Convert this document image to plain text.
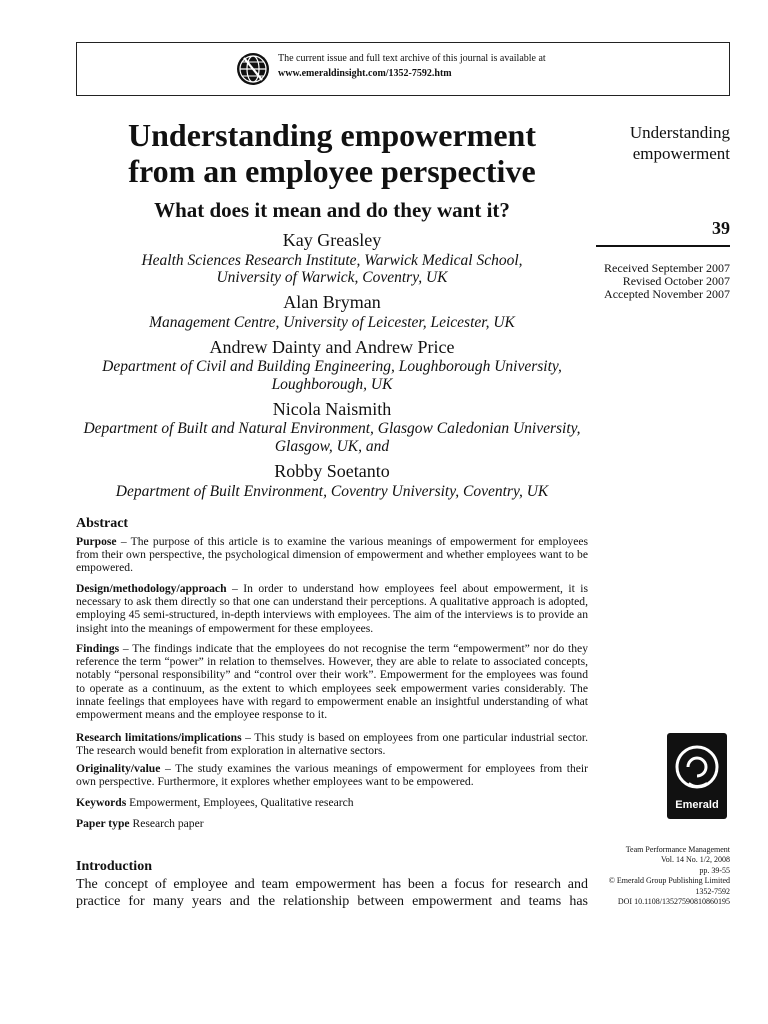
The current issue and full text archive of this journal is available at
www.emeraldinsight.com/1352-7592.htm
Understanding empowerment
from an employee perspective
What does it mean and do they want it?
Kay Greasley
Health Sciences Research Institute, Warwick Medical School,
University of Warwick, Coventry, UK
Alan Bryman
Management Centre, University of Leicester, Leicester, UK
Andrew Dainty and Andrew Price
Department of Civil and Building Engineering, Loughborough University,
Loughborough, UK
Nicola Naismith
Department of Built and Natural Environment, Glasgow Caledonian University,
Glasgow, UK, and
Robby Soetanto
Department of Built Environment, Coventry University, Coventry, UK
Understanding
empowerment
39
Received September 2007
Revised October 2007
Accepted November 2007
Abstract
Purpose – The purpose of this article is to examine the various meanings of empowerment for employees from their own perspective, the psychological dimension of empowerment and whether employees want to be empowered.
Design/methodology/approach – In order to understand how employees feel about empowerment, it is necessary to ask them directly so that one can understand their perceptions. A qualitative approach is adopted, employing 45 semi-structured, in-depth interviews with employees. The aim of the interviews is to provide an insight into the meanings of empowerment for these employees.
Findings – The findings indicate that the employees do not recognise the term “empowerment” nor do they reference the term “power” in relation to themselves. However, they are able to relate to associated concepts, notably “personal responsibility” and “control over their work”. Empowerment for the employees was found to operate as a continuum, as the extent to which employees seek empowerment varies considerably. The innate feelings that employees have with regard to empowerment enable an insightful understanding of what empowerment means and the employee response to it.
Research limitations/implications – This study is based on employees from one particular industrial sector. The research would benefit from exploration in alternative sectors.
Originality/value – The study examines the various meanings of empowerment for employees from their own perspective. Furthermore, it explores whether employees want to be empowered.
Keywords Empowerment, Employees, Qualitative research
Paper type Research paper
Emerald
Team Performance Management
Vol. 14 No. 1/2, 2008
pp. 39-55
© Emerald Group Publishing Limited
1352-7592
DOI 10.1108/13527590810860195
Introduction
The concept of employee and team empowerment has been a focus for research and
practice for many years and the relationship between empowerment and teams has
